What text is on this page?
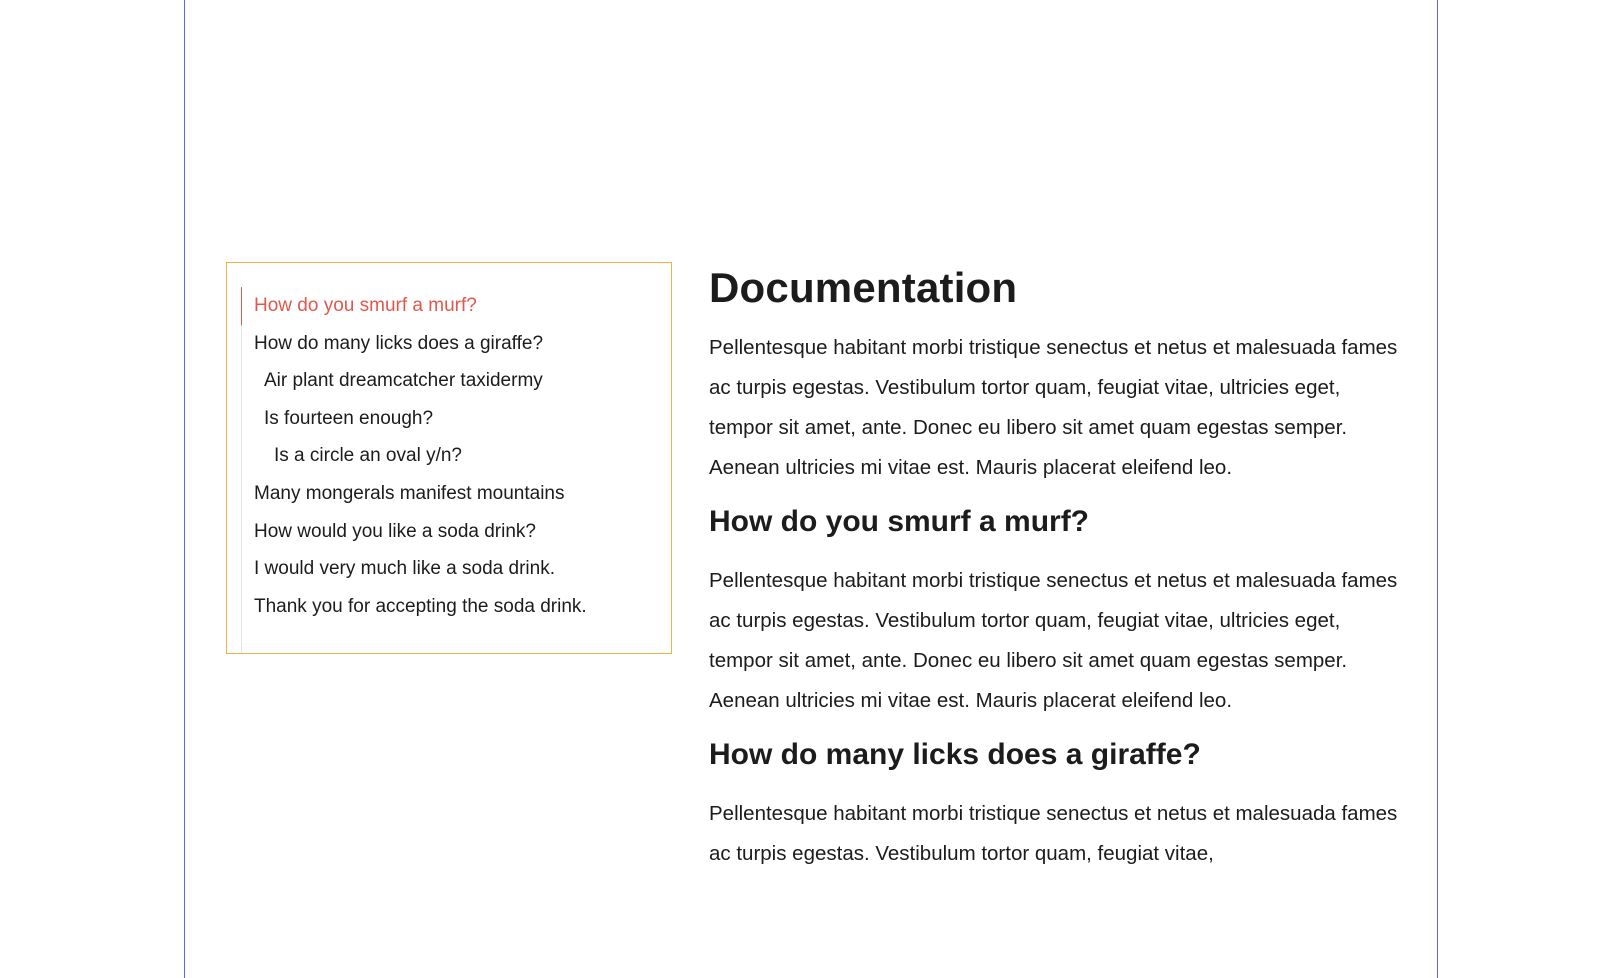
How do you smurf a murf?
How do many licks does a giraffe?
Air plant dreamcatcher taxidermy
Is fourteen enough?
Is a circle an oval y/n?
Many mongerals manifest mountains
How would you like a soda drink?
I would very much like a soda drink.
Thank you for accepting the soda drink.
Documentation

Pellentesque habitant morbi tristique senectus et netus et malesuada fames ac turpis egestas. Vestibulum tortor quam, feugiat vitae, ultricies eget, tempor sit amet, ante. Donec eu libero sit amet quam egestas semper. Aenean ultricies mi vitae est. Mauris placerat eleifend leo.

How do you smurf a murf?

Pellentesque habitant morbi tristique senectus et netus et malesuada fames ac turpis egestas. Vestibulum tortor quam, feugiat vitae, ultricies eget, tempor sit amet, ante. Donec eu libero sit amet quam egestas semper. Aenean ultricies mi vitae est. Mauris placerat eleifend leo.

How do many licks does a giraffe?

Pellentesque habitant morbi tristique senectus et netus et malesuada fames ac turpis egestas. Vestibulum tortor quam, feugiat vitae,
